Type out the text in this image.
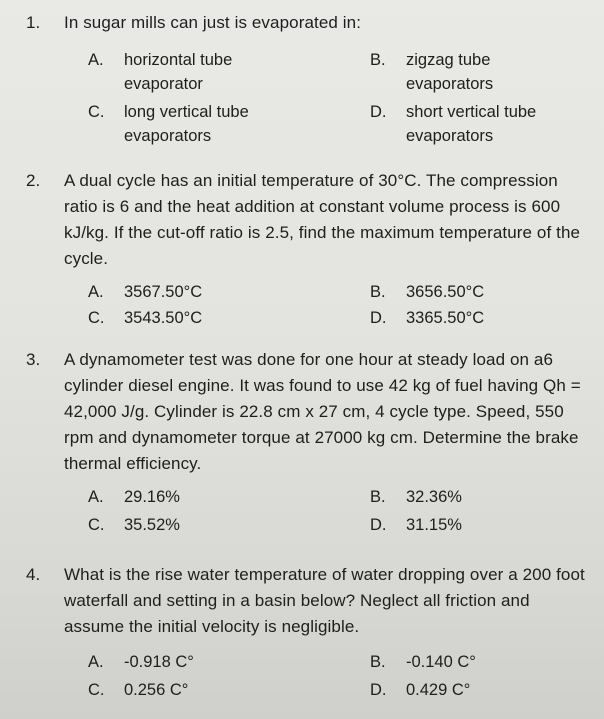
1.	In sugar mills can just is evaporated in:
A.	horizontal tube
evaporator
B.	zigzag tube
evaporators
C.	long vertical tube
evaporators
D.	short vertical tube
evaporators
2.	A dual cycle has an initial temperature of 30°C. The compression ratio is 6 and the heat addition at constant volume process is 600 kJ/kg. If the cut-off ratio is 2.5, find the maximum temperature of the cycle.
A.	3567.50°C	B.	3656.50°C
C.	3543.50°C	D.	3365.50°C
3.	A dynamometer test was done for one hour at steady load on a6 cylinder diesel engine. It was found to use 42 kg of fuel having Qh = 42,000 J/g. Cylinder is 22.8 cm x 27 cm, 4 cycle type. Speed, 550 rpm and dynamometer torque at 27000 kg cm. Determine the brake thermal efficiency.
A.	29.16%	B.	32.36%
C.	35.52%	D.	31.15%
4.	What is the rise water temperature of water dropping over a 200 foot waterfall and setting in a basin below? Neglect all friction and assume the initial velocity is negligible.
A.	-0.918 C°	B.	-0.140 C°
C.	0.256 C°	D.	0.429 C°
